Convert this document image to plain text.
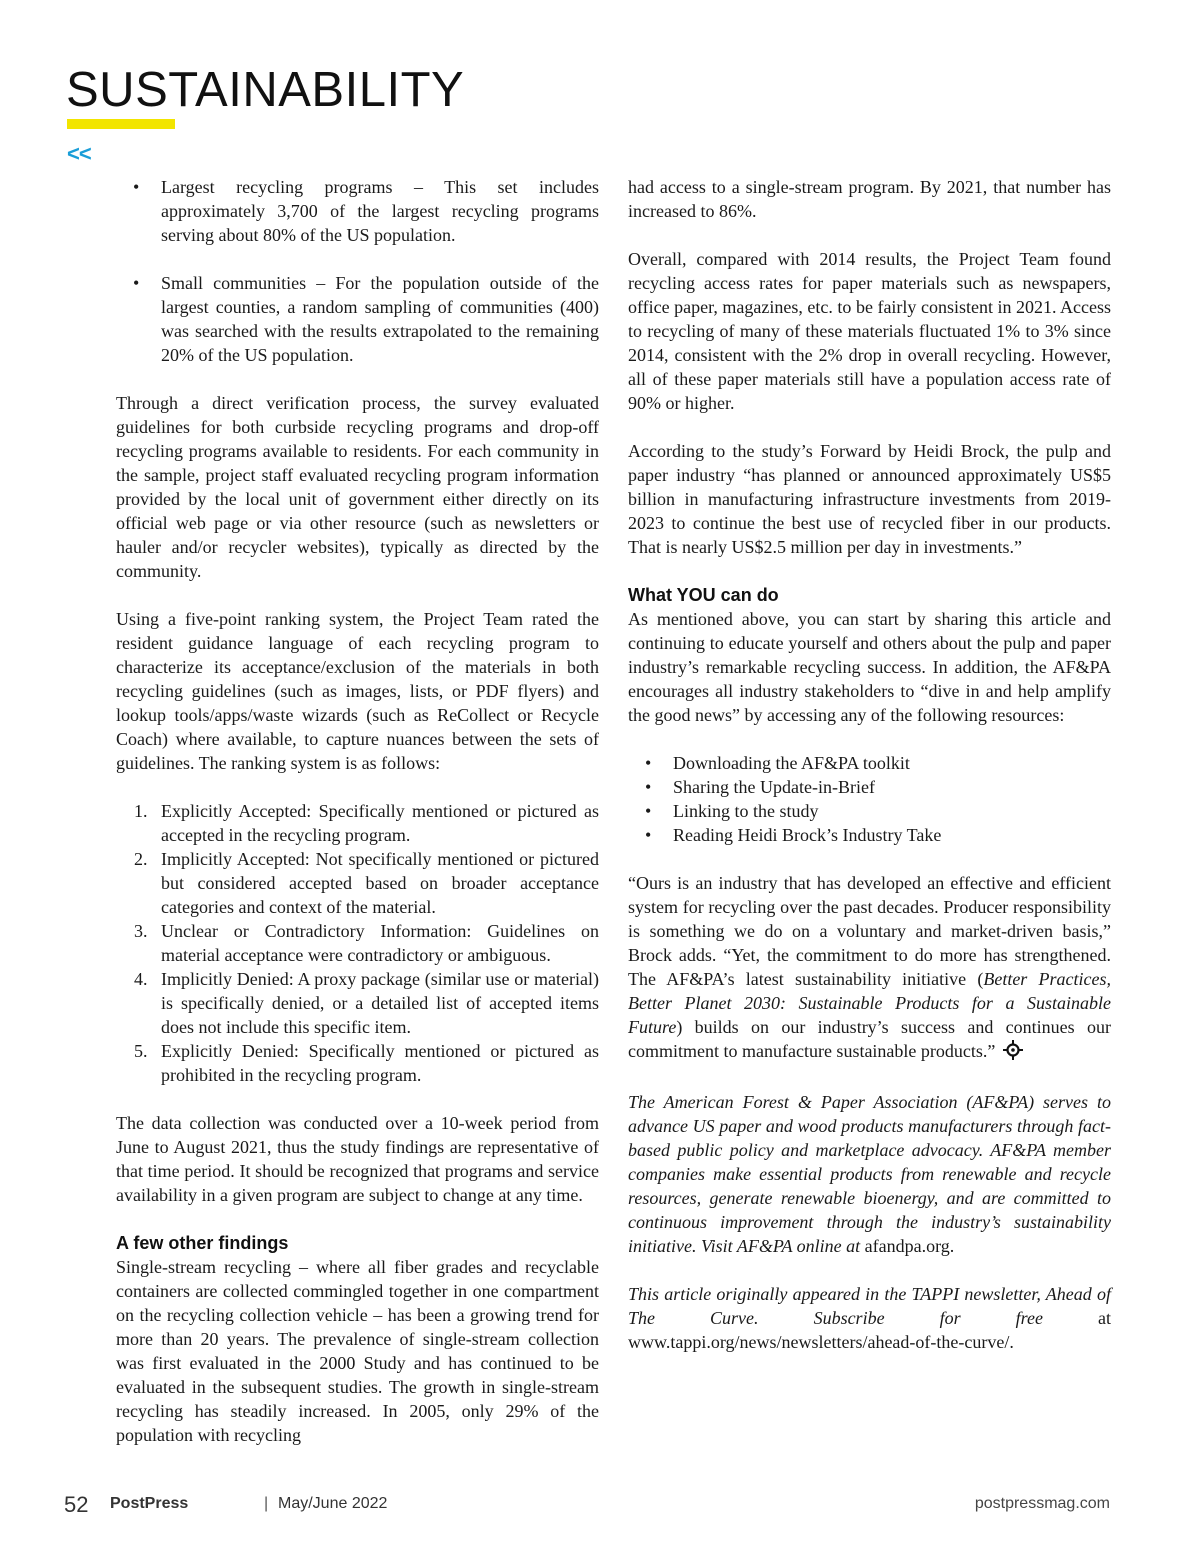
SUSTAINABILITY
<<
• Largest recycling programs – This set includes approximately 3,700 of the largest recycling programs serving about 80% of the US population.
• Small communities – For the population outside of the largest counties, a random sampling of communities (400) was searched with the results extrapolated to the remaining 20% of the US population.

Through a direct verification process, the survey evaluated guidelines for both curbside recycling programs and drop-off recycling programs available to residents. For each community in the sample, project staff evaluated recycling program information provided by the local unit of government either directly on its official web page or via other resource (such as newsletters or hauler and/or recycler websites), typically as directed by the community.

Using a five-point ranking system, the Project Team rated the resident guidance language of each recycling program to characterize its acceptance/exclusion of the materials in both recycling guidelines (such as images, lists, or PDF flyers) and lookup tools/apps/waste wizards (such as ReCollect or Recycle Coach) where available, to capture nuances between the sets of guidelines. The ranking system is as follows:

1. Explicitly Accepted: Specifically mentioned or pictured as accepted in the recycling program.
2. Implicitly Accepted: Not specifically mentioned or pictured but considered accepted based on broader acceptance categories and context of the material.
3. Unclear or Contradictory Information: Guidelines on material acceptance were contradictory or ambiguous.
4. Implicitly Denied: A proxy package (similar use or material) is specifically denied, or a detailed list of accepted items does not include this specific item.
5. Explicitly Denied: Specifically mentioned or pictured as prohibited in the recycling program.

The data collection was conducted over a 10-week period from June to August 2021, thus the study findings are representative of that time period. It should be recognized that programs and service availability in a given program are subject to change at any time.

A few other findings

Single-stream recycling – where all fiber grades and recyclable containers are collected commingled together in one compartment on the recycling collection vehicle – has been a growing trend for more than 20 years. The prevalence of single-stream collection was first evaluated in the 2000 Study and has continued to be evaluated in the subsequent studies. The growth in single-stream recycling has steadily increased. In 2005, only 29% of the population with recycling

had access to a single-stream program. By 2021, that number has increased to 86%.

Overall, compared with 2014 results, the Project Team found recycling access rates for paper materials such as newspapers, office paper, magazines, etc. to be fairly consistent in 2021. Access to recycling of many of these materials fluctuated 1% to 3% since 2014, consistent with the 2% drop in overall recycling. However, all of these paper materials still have a population access rate of 90% or higher.

According to the study’s Forward by Heidi Brock, the pulp and paper industry “has planned or announced approximately US$5 billion in manufacturing infrastructure investments from 2019-2023 to continue the best use of recycled fiber in our products. That is nearly US$2.5 million per day in investments.”

What YOU can do

As mentioned above, you can start by sharing this article and continuing to educate yourself and others about the pulp and paper industry’s remarkable recycling success. In addition, the AF&PA encourages all industry stakeholders to “dive in and help amplify the good news” by accessing any of the following resources:

• Downloading the AF&PA toolkit
• Sharing the Update-in-Brief
• Linking to the study
• Reading Heidi Brock’s Industry Take

“Ours is an industry that has developed an effective and efficient system for recycling over the past decades. Producer responsibility is something we do on a voluntary and market-driven basis,” Brock adds. “Yet, the commitment to do more has strengthened. The AF&PA’s latest sustainability initiative (Better Practices, Better Planet 2030: Sustainable Products for a Sustainable Future) builds on our industry’s success and continues our commitment to manufacture sustainable products.”

The American Forest & Paper Association (AF&PA) serves to advance US paper and wood products manufacturers through fact-based public policy and marketplace advocacy. AF&PA member companies make essential products from renewable and recycle resources, generate renewable bioenergy, and are committed to continuous improvement through the industry’s sustainability initiative. Visit AF&PA online at afandpa.org.

This article originally appeared in the TAPPI newsletter, Ahead of The Curve. Subscribe for free at www.tappi.org/news/newsletters/ahead-of-the-curve/.

52 PostPress	| May/June 2022	postpressmag.com
